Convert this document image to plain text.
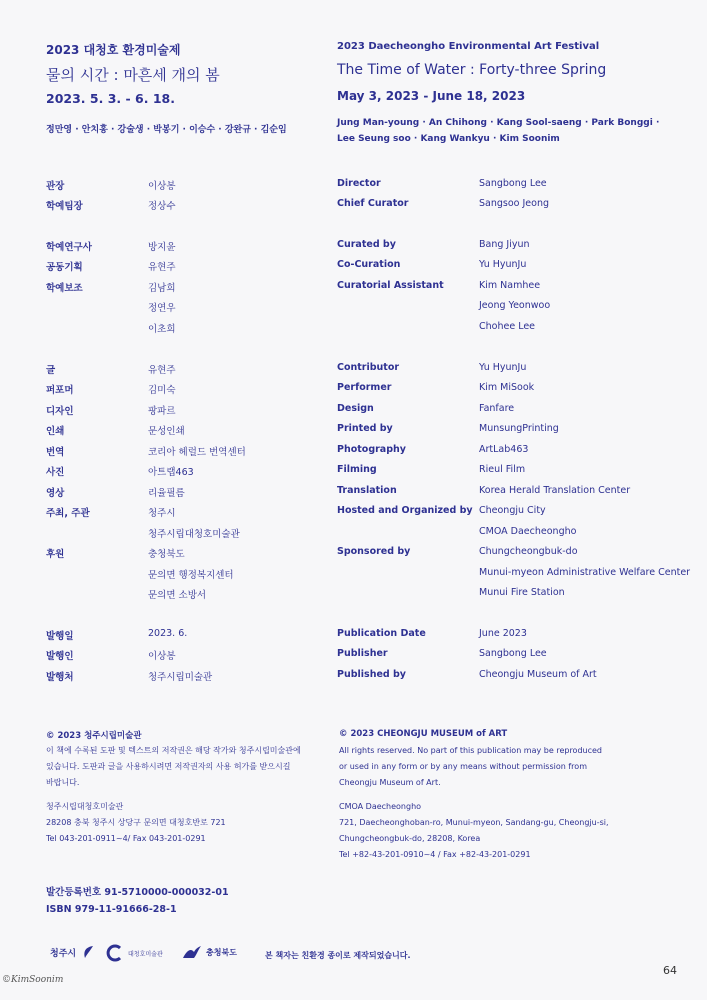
2023 대청호 환경미술제
물의 시간 : 마흔세 개의 봄
2023. 5. 3. - 6. 18.
정만영 · 안치홍 · 강술생 · 박봉기 · 이승수 · 강완규 · 김순임
2023 Daecheongho Environmental Art Festival
The Time of Water : Forty-three Spring
May 3, 2023 - June 18, 2023
Jung Man-young · An Chihong · Kang Sool-saeng · Park Bonggi ·
Lee Seung soo · Kang Wankyu · Kim Soonim
관장	이상봉
학예팀장	정상수
학예연구사	방지윤
공동기획	유현주
학예보조	김남희
정연우
이초희
글	유현주
퍼포머	김미숙
디자인	팡파르
인쇄	문성인쇄
번역	코리아 헤럴드 번역센터
사진	아트랩463
영상	리율필름
주최, 주관	청주시
청주시립대청호미술관
후원	충청북도
문의면 행정복지센터
문의면 소방서
발행일	2023. 6.
발행인	이상봉
발행처	청주시립미술관
Director	Sangbong Lee
Chief Curator	Sangsoo Jeong
Curated by	Bang Jiyun
Co-Curation	Yu HyunJu
Curatorial Assistant	Kim Namhee
Jeong Yeonwoo
Chohee Lee
Contributor	Yu HyunJu
Performer	Kim MiSook
Design	Fanfare
Printed by	MunsungPrinting
Photography	ArtLab463
Filming	Rieul Film
Translation	Korea Herald Translation Center
Hosted and Organized by Cheongju City
CMOA Daecheongho
Sponsored by	Chungcheongbuk-do
Munui-myeon Administrative Welfare Center
Munui Fire Station
Publication Date	June 2023
Publisher	Sangbong Lee
Published by	Cheongju Museum of Art
© 2023 청주시립미술관
이 책에 수록된 도판 및 텍스트의 저작권은 해당 작가와 청주시립미술관에
있습니다. 도판과 글을 사용하시려면 저작권자의 사용 허가를 받으시길
바랍니다.
청주시립대청호미술관
28208 충북 청주시 상당구 문의면 대청호반로 721
Tel 043-201-0911~4/ Fax 043-201-0291
© 2023 CHEONGJU MUSEUM of ART
All rights reserved. No part of this publication may be reproduced
or used in any form or by any means without permission from
Cheongju Museum of Art.
CMOA Daecheongho
721, Daecheonghoban-ro, Munui-myeon, Sandang-gu, Cheongju-si,
Chungcheongbuk-do, 28208, Korea
Tel +82-43-201-0910~4 / Fax +82-43-201-0291
발간등록번호 91-5710000-000032-01
ISBN 979-11-91666-28-1
청주시	대청호미술관	충청북도	본 책자는 친환경 종이로 제작되었습니다.
64
©KimSoonim
